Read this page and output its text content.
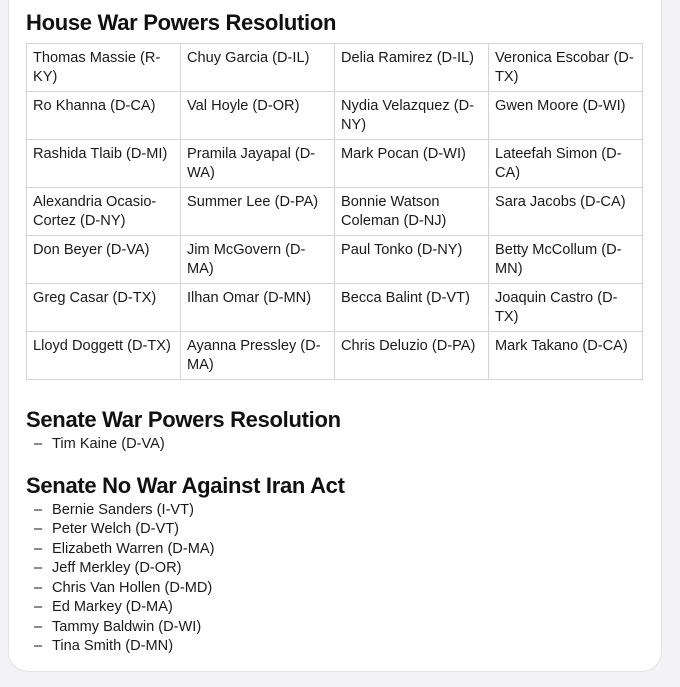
House War Powers Resolution
Thomas Massie (R-KY)	Chuy Garcia (D-IL)	Delia Ramirez (D-IL)	Veronica Escobar (D-TX)
Ro Khanna (D-CA)	Val Hoyle (D-OR)	Nydia Velazquez (D-NY)	Gwen Moore (D-WI)
Rashida Tlaib (D-MI)	Pramila Jayapal (D-WA)	Mark Pocan (D-WI)	Lateefah Simon (D-CA)
Alexandria Ocasio-Cortez (D-NY)	Summer Lee (D-PA)	Bonnie Watson Coleman (D-NJ)	Sara Jacobs (D-CA)
Don Beyer (D-VA)	Jim McGovern (D-MA)	Paul Tonko (D-NY)	Betty McCollum (D-MN)
Greg Casar (D-TX)	Ilhan Omar (D-MN)	Becca Balint (D-VT)	Joaquin Castro (D-TX)
Lloyd Doggett (D-TX)	Ayanna Pressley (D-MA)	Chris Deluzio (D-PA)	Mark Takano (D-CA)
Senate War Powers Resolution
– Tim Kaine (D-VA)
Senate No War Against Iran Act
– Bernie Sanders (I-VT)
– Peter Welch (D-VT)
– Elizabeth Warren (D-MA)
– Jeff Merkley (D-OR)
– Chris Van Hollen (D-MD)
– Ed Markey (D-MA)
– Tammy Baldwin (D-WI)
– Tina Smith (D-MN)
